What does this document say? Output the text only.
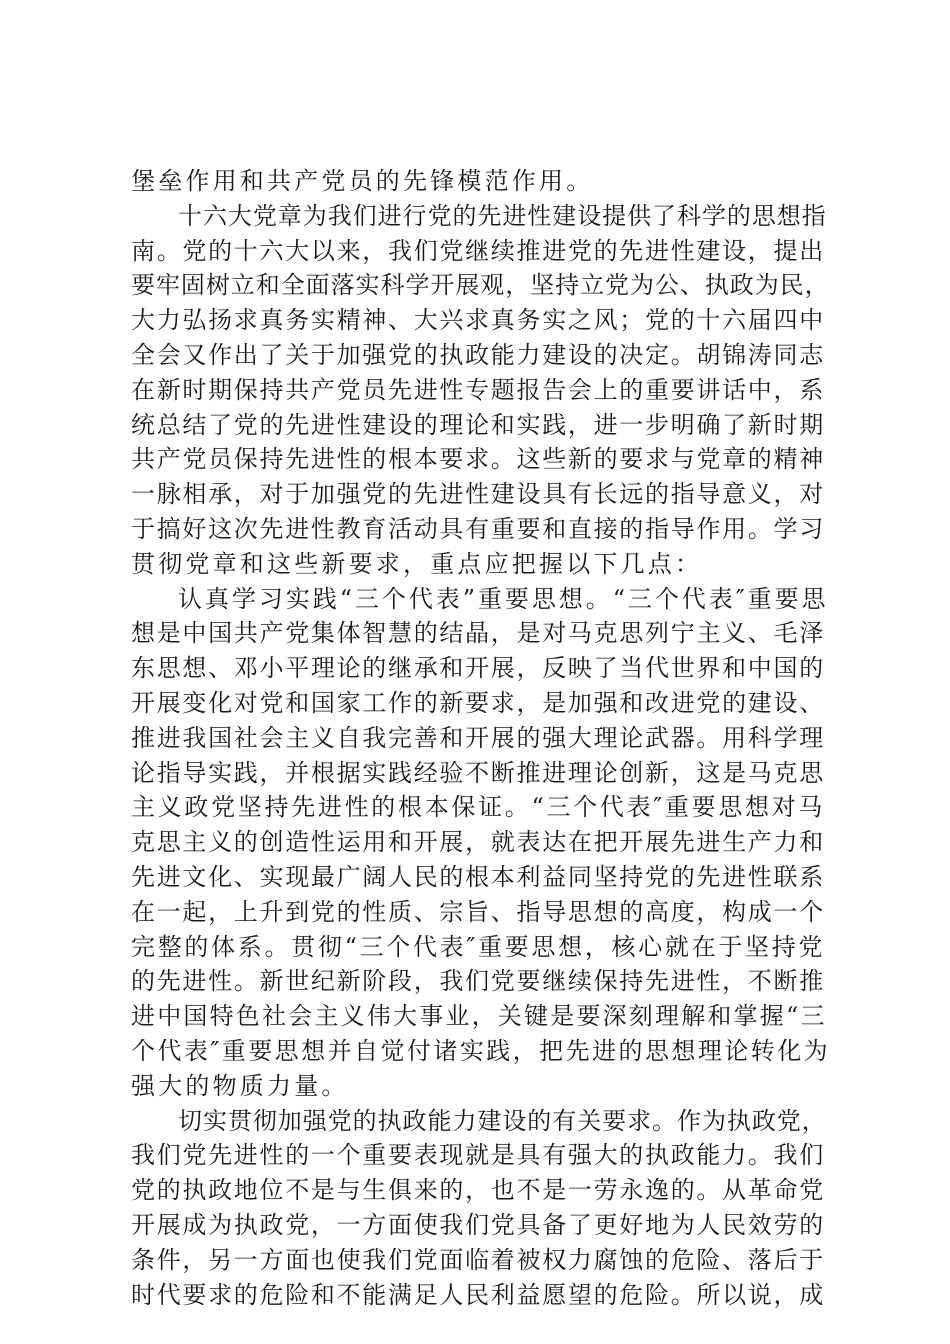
堡垒作用和共产党员的先锋模范作用。
十六大党章为我们进行党的先进性建设提供了科学的思想指
南。党的十六大以来，我们党继续推进党的先进性建设，提出
要牢固树立和全面落实科学开展观，坚持立党为公、执政为民，
大力弘扬求真务实精神、大兴求真务实之风；党的十六届四中
全会又作出了关于加强党的执政能力建设的决定。胡锦涛同志
在新时期保持共产党员先进性专题报告会上的重要讲话中，系
统总结了党的先进性建设的理论和实践，进一步明确了新时期
共产党员保持先进性的根本要求。这些新的要求与党章的精神
一脉相承，对于加强党的先进性建设具有长远的指导意义，对
于搞好这次先进性教育活动具有重要和直接的指导作用。学习
贯彻党章和这些新要求，重点应把握以下几点：
认真学习实践“三个代表”重要思想。“三个代表″重要思
想是中国共产党集体智慧的结晶，是对马克思列宁主义、毛泽
东思想、邓小平理论的继承和开展，反映了当代世界和中国的
开展变化对党和国家工作的新要求，是加强和改进党的建设、
推进我国社会主义自我完善和开展的强大理论武器。用科学理
论指导实践，并根据实践经验不断推进理论创新，这是马克思
主义政党坚持先进性的根本保证。“三个代表″重要思想对马
克思主义的创造性运用和开展，就表达在把开展先进生产力和
先进文化、实现最广阔人民的根本利益同坚持党的先进性联系
在一起，上升到党的性质、宗旨、指导思想的高度，构成一个
完整的体系。贯彻“三个代表″重要思想，核心就在于坚持党
的先进性。新世纪新阶段，我们党要继续保持先进性，不断推
进中国特色社会主义伟大事业，关键是要深刻理解和掌握“三
个代表″重要思想并自觉付诸实践，把先进的思想理论转化为
强大的物质力量。
切实贯彻加强党的执政能力建设的有关要求。作为执政党，
我们党先进性的一个重要表现就是具有强大的执政能力。我们
党的执政地位不是与生俱来的，也不是一劳永逸的。从革命党
开展成为执政党，一方面使我们党具备了更好地为人民效劳的
条件，另一方面也使我们党面临着被权力腐蚀的危险、落后于
时代要求的危险和不能满足人民利益愿望的危险。所以说，成
